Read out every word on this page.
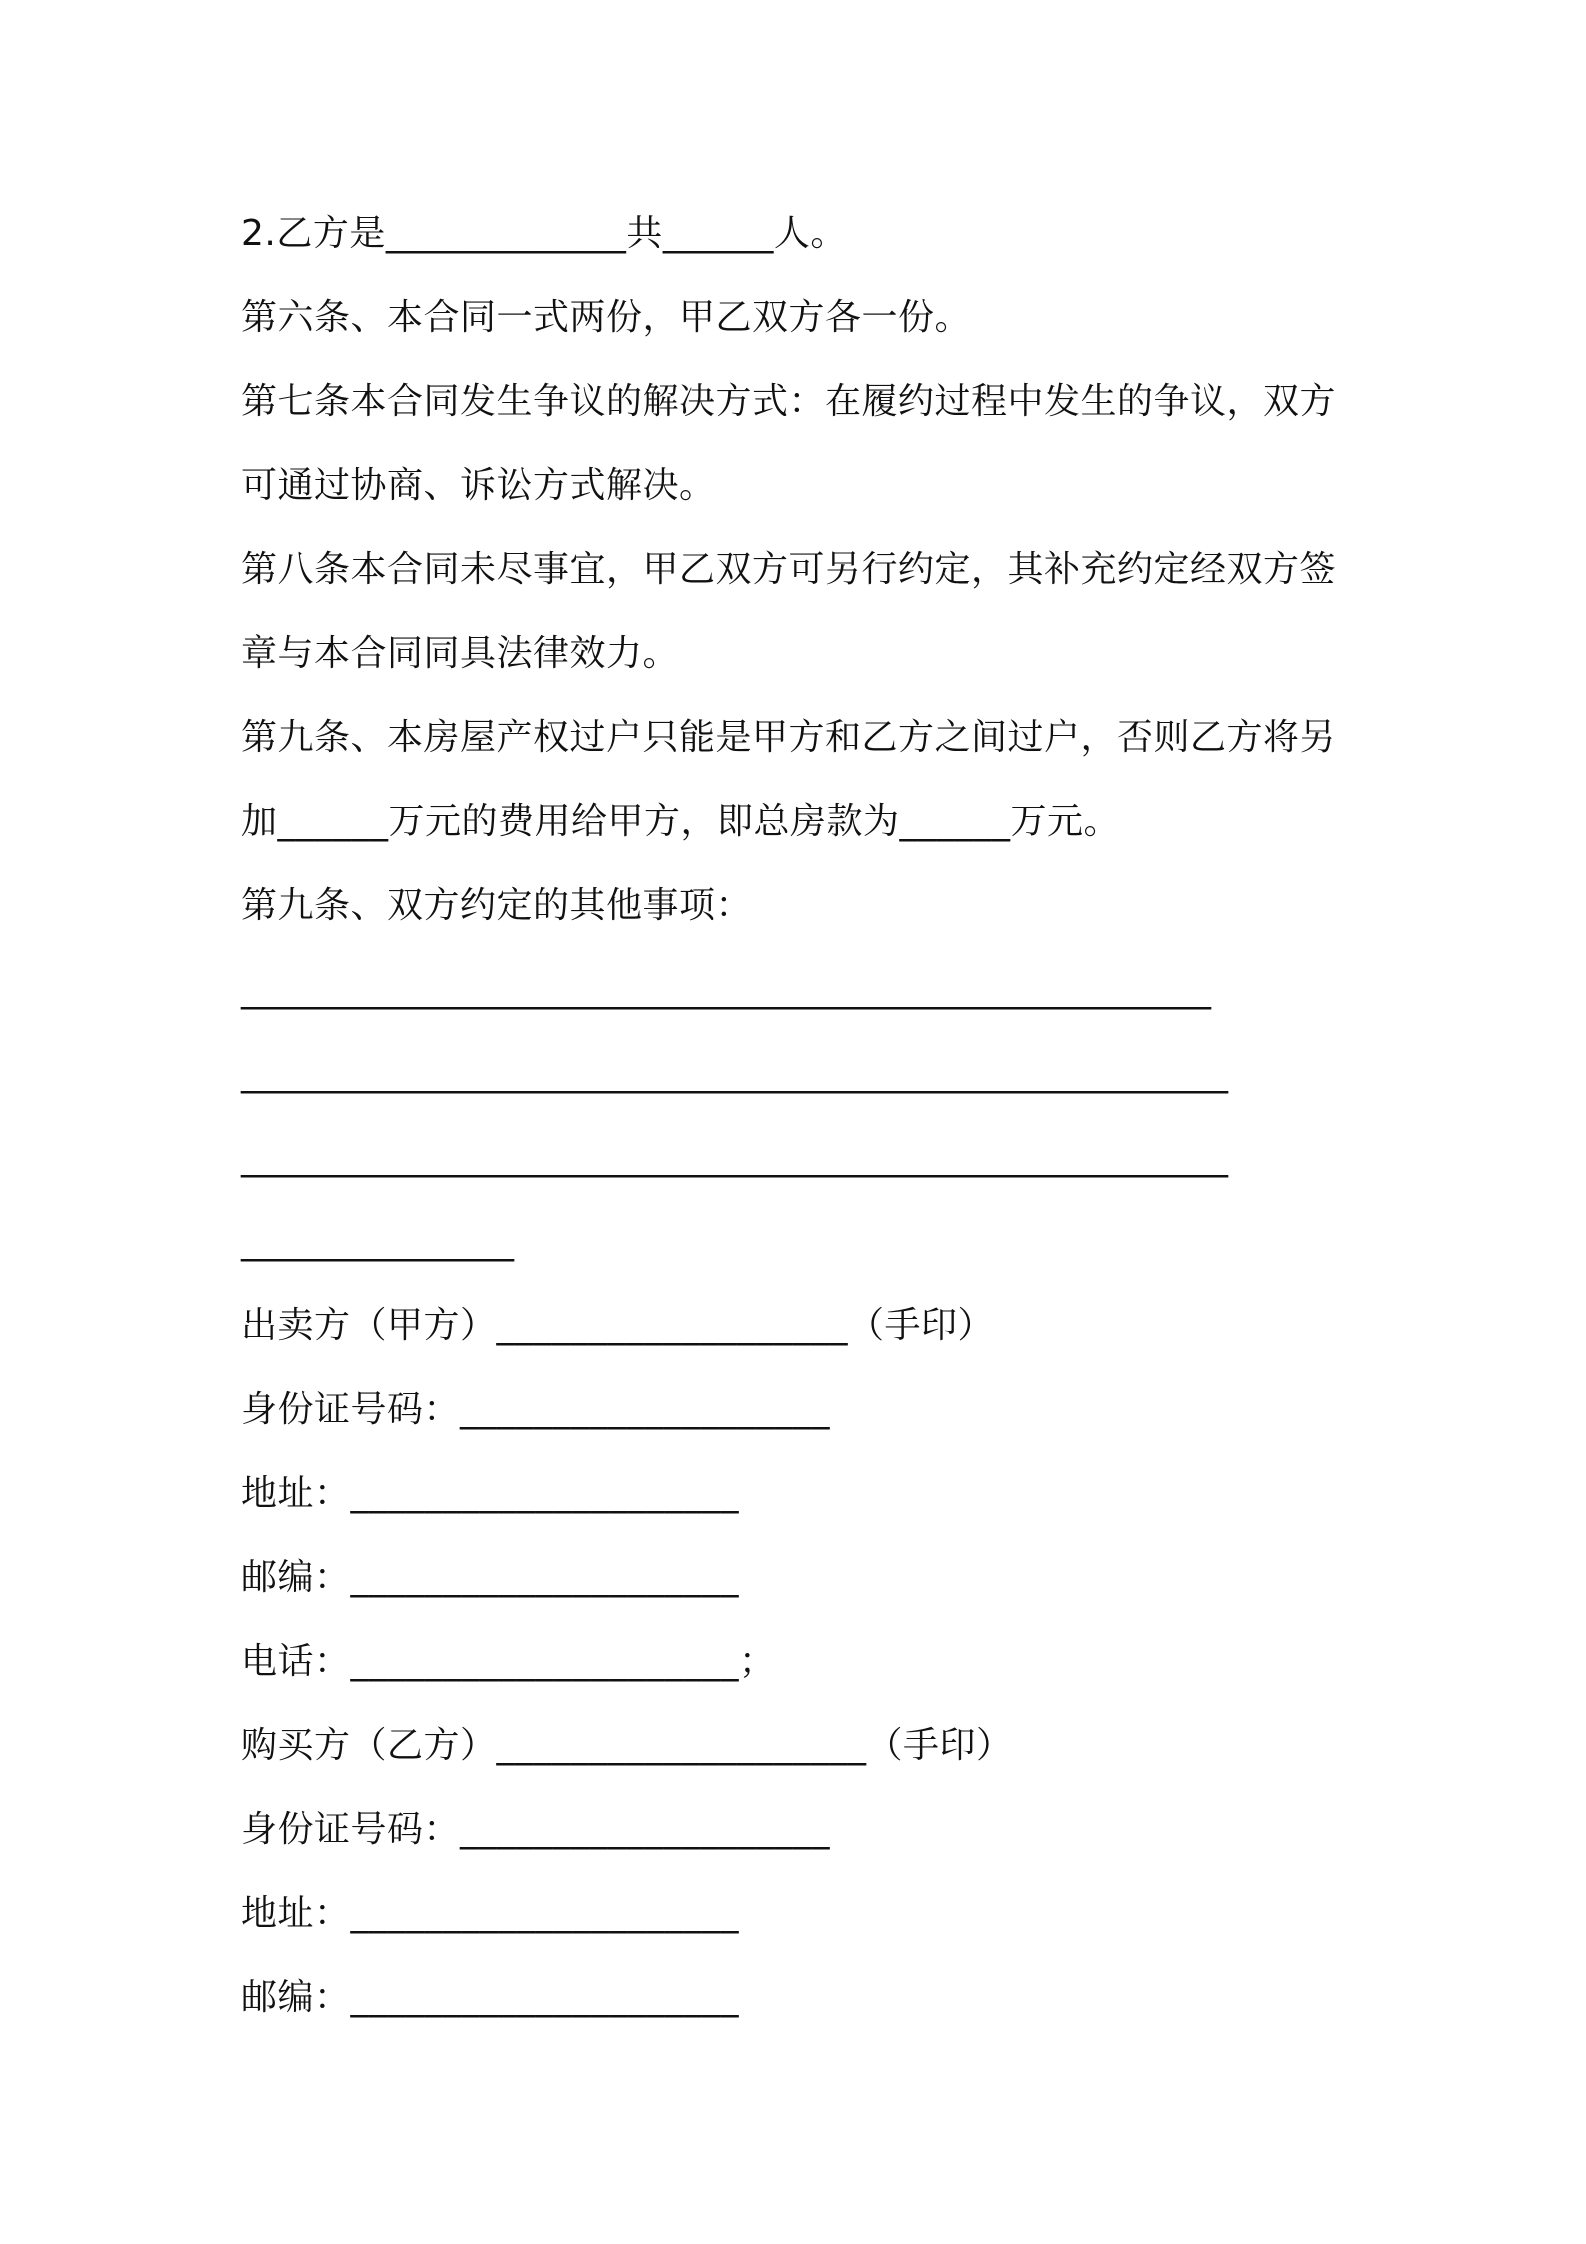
2.乙方是_____________共______人。
第六条、本合同一式两份，甲乙双方各一份。
第七条本合同发生争议的解决方式：在履约过程中发生的争议，双方
可通过协商、诉讼方式解决。
第八条本合同未尽事宜，甲乙双方可另行约定，其补充约定经双方签
章与本合同同具法律效力。
第九条、本房屋产权过户只能是甲方和乙方之间过户，否则乙方将另
加______万元的费用给甲方，即总房款为______万元。
第九条、双方约定的其他事项：
_________________________________________________________
__________________________________________________________
__________________________________________________________
________________
出卖方（甲方）___________________（手印）
身份证号码：____________________
地址：_____________________
邮编：_____________________
电话：_____________________；
购买方（乙方）____________________（手印）
身份证号码：____________________
地址：_____________________
邮编：_____________________
